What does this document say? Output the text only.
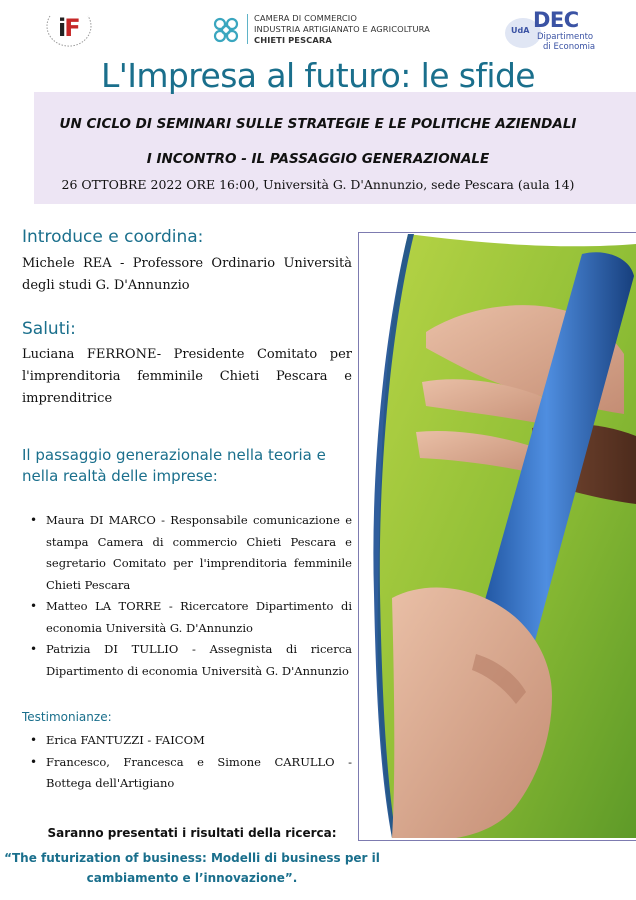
iF	CAMERA DI COMMERCIO
INDUSTRIA ARTIGIANATO E AGRICOLTURA
CHIETI PESCARA
UdA DEC
Dipartimento
di Economia
L'Impresa al futuro: le sfide
UN CICLO DI SEMINARI SULLE STRATEGIE E LE POLITICHE AZIENDALI
I INCONTRO - IL PASSAGGIO GENERAZIONALE
26 OTTOBRE 2022 ORE 16:00, Università G. D'Annunzio, sede Pescara (aula 14)
Introduce e coordina:
Michele REA - Professore Ordinario Università degli studi G. D'Annunzio
Saluti:
Luciana FERRONE- Presidente Comitato per l'imprenditoria femminile Chieti Pescara e imprenditrice
Il passaggio generazionale nella teoria e nella realtà delle imprese:
• Maura DI MARCO - Responsabile comunicazione e stampa Camera di commercio Chieti Pescara e segretario Comitato per l'imprenditoria femminile Chieti Pescara
• Matteo LA TORRE - Ricercatore Dipartimento di economia Università G. D'Annunzio
• Patrizia DI TULLIO - Assegnista di ricerca Dipartimento di economia Università G. D'Annunzio
Testimonianze:
• Erica FANTUZZI - FAICOM
• Francesco, Francesca e Simone CARULLO - Bottega dell'Artigiano
Saranno presentati i risultati della ricerca:
“The futurization of business: Modelli di business per il cambiamento e l’innovazione”.
